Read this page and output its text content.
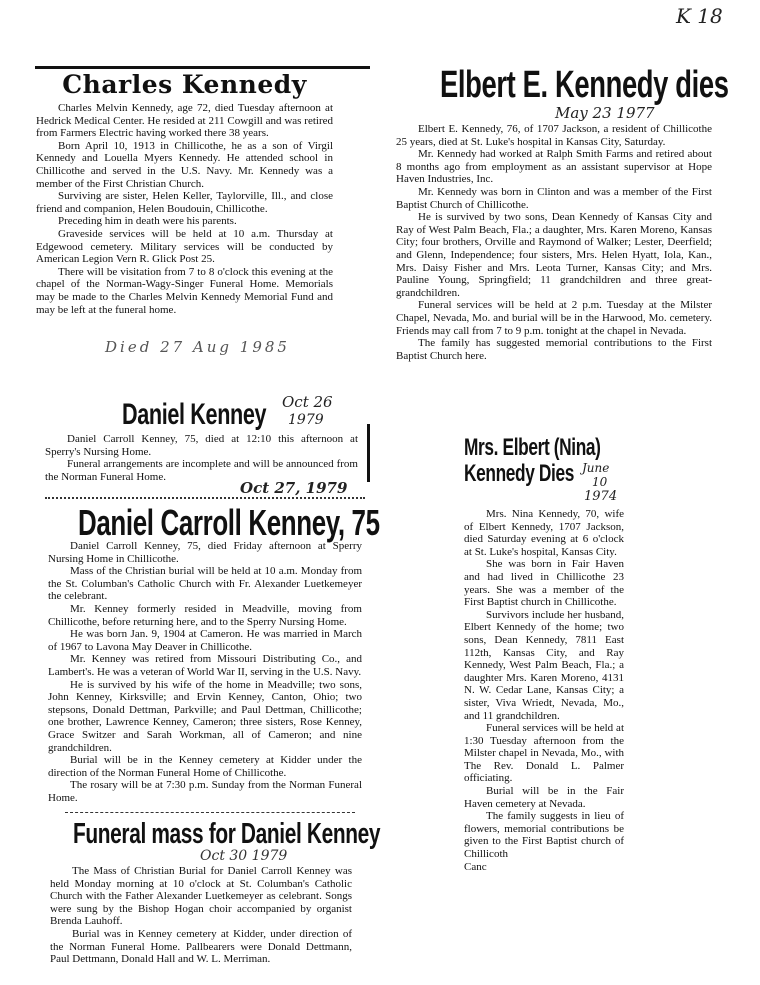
K 18
Charles Kennedy

Charles Melvin Kennedy, age 72, died Tuesday afternoon at Hedrick Medical Center. He resided at 211 Cowgill and was retired from Farmers Electric having worked there 38 years.

Born April 10, 1913 in Chillicothe, he as a son of Virgil Kennedy and Louella Myers Kennedy. He attended school in Chillicothe and served in the U.S. Navy. Mr. Kennedy was a member of the First Christian Church.

Surviving are sister, Helen Keller, Taylorville, Ill., and close friend and companion, Helen Boudouin, Chillicothe.

Preceding him in death were his parents.

Graveside services will be held at 10 a.m. Thursday at Edgewood cemetery. Military services will be conducted by American Legion Vern R. Glick Post 25.

There will be visitation from 7 to 8 o'clock this evening at the chapel of the Norman-Wagy-Singer Funeral Home. Memorials may be made to the Charles Melvin Kennedy Memorial Fund and may be left at the funeral home.

Died 27 Aug 1985
Elbert E. Kennedy dies

Elbert E. Kennedy, 76, of 1707 Jackson, a resident of Chillicothe 25 years, died at St. Luke's hospital in Kansas City, Saturday.

Mr. Kennedy had worked at Ralph Smith Farms and retired about 8 months ago from employment as an assistant supervisor at Hope Haven Industries, Inc.

Mr. Kennedy was born in Clinton and was a member of the First Baptist Church of Chillicothe.

He is survived by two sons, Dean Kennedy of Kansas City and Ray of West Palm Beach, Fla.; a daughter, Mrs. Karen Moreno, Kansas City; four brothers, Orville and Raymond of Walker; Lester, Deerfield; and Glenn, Independence; four sisters, Mrs. Helen Hyatt, Iola, Kan., Mrs. Daisy Fisher and Mrs. Leota Turner, Kansas City; and Mrs. Pauline Young, Springfield; 11 grandchildren and three great-grandchildren.

Funeral services will be held at 2 p.m. Tuesday at the Milster Chapel, Nevada, Mo. and burial will be in the Harwood, Mo. cemetery. Friends may call from 7 to 9 p.m. tonight at the chapel in Nevada.

The family has suggested memorial contributions to the First Baptist Church here.

May 23 1977
Daniel Kenney

Daniel Carroll Kenney, 75, died at 12:10 this afternoon at Sperry's Nursing Home.

Funeral arrangements are incomplete and will be announced from the Norman Funeral Home.

Oct 26
1979
Daniel Carroll Kenney, 75

Daniel Carroll Kenney, 75, died Friday afternoon at Sperry Nursing Home in Chillicothe.

Mass of the Christian burial will be held at 10 a.m. Monday from the St. Columban's Catholic Church with Fr. Alexander Luetkemeyer the celebrant.

Mr. Kenney formerly resided in Meadville, moving from Chillicothe, before returning here, and to the Sperry Nursing Home.

He was born Jan. 9, 1904 at Cameron. He was married in March of 1967 to Lavona May Deaver in Chillicothe.

Mr. Kenney was retired from Missouri Distributing Co., and Lambert's. He was a veteran of World War II, serving in the U.S. Navy.

He is survived by his wife of the home in Meadville; two sons, John Kenney, Kirksville; and Ervin Kenney, Canton, Ohio; two stepsons, Donald Dettman, Parkville; and Paul Dettman, Chillicothe; one brother, Lawrence Kenney, Cameron; three sisters, Rose Kenney, Grace Switzer and Sarah Workman, all of Cameron; and nine grandchildren.

Burial will be in the Kenney cemetery at Kidder under the direction of the Norman Funeral Home of Chillicothe.

The rosary will be at 7:30 p.m. Sunday from the Norman Funeral Home.

Oct 27, 1979
Funeral mass for Daniel Kenney

The Mass of Christian Burial for Daniel Carroll Kenney was held Monday morning at 10 o'clock at St. Columban's Catholic Church with the Father Alexander Luetkemeyer as celebrant. Songs were sung by the Bishop Hogan choir accompanied by organist Brenda Lauhoff.

Burial was in Kenney cemetery at Kidder, under direction of the Norman Funeral Home. Pallbearers were Donald Dettmann, Paul Dettmann, Donald Hall and W. L. Merriman.

Oct 30 1979
Mrs. Elbert (Nina)
Kennedy Dies

Mrs. Nina Kennedy, 70, wife of Elbert Kennedy, 1707 Jackson, died Saturday evening at 6 o'clock at St. Luke's hospital, Kansas City.

She was born in Fair Haven and had lived in Chillicothe 23 years. She was a member of the First Baptist church in Chillicothe.

Survivors include her husband, Elbert Kennedy of the home; two sons, Dean Kennedy, 7811 East 112th, Kansas City, and Ray Kennedy, West Palm Beach, Fla.; a daughter Mrs. Karen Moreno, 4131 N. W. Cedar Lane, Kansas City; a sister, Viva Wriedt, Nevada, Mo., and 11 grandchildren.

Funeral services will be held at 1:30 Tuesday afternoon from the Milster chapel in Nevada, Mo., with The Rev. Donald L. Palmer officiating.

Burial will be in the Fair Haven cemetery at Nevada.

The family suggests in lieu of flowers, memorial contributions be given to the First Baptist church of Chillicoth

Canc

June
10
1974
